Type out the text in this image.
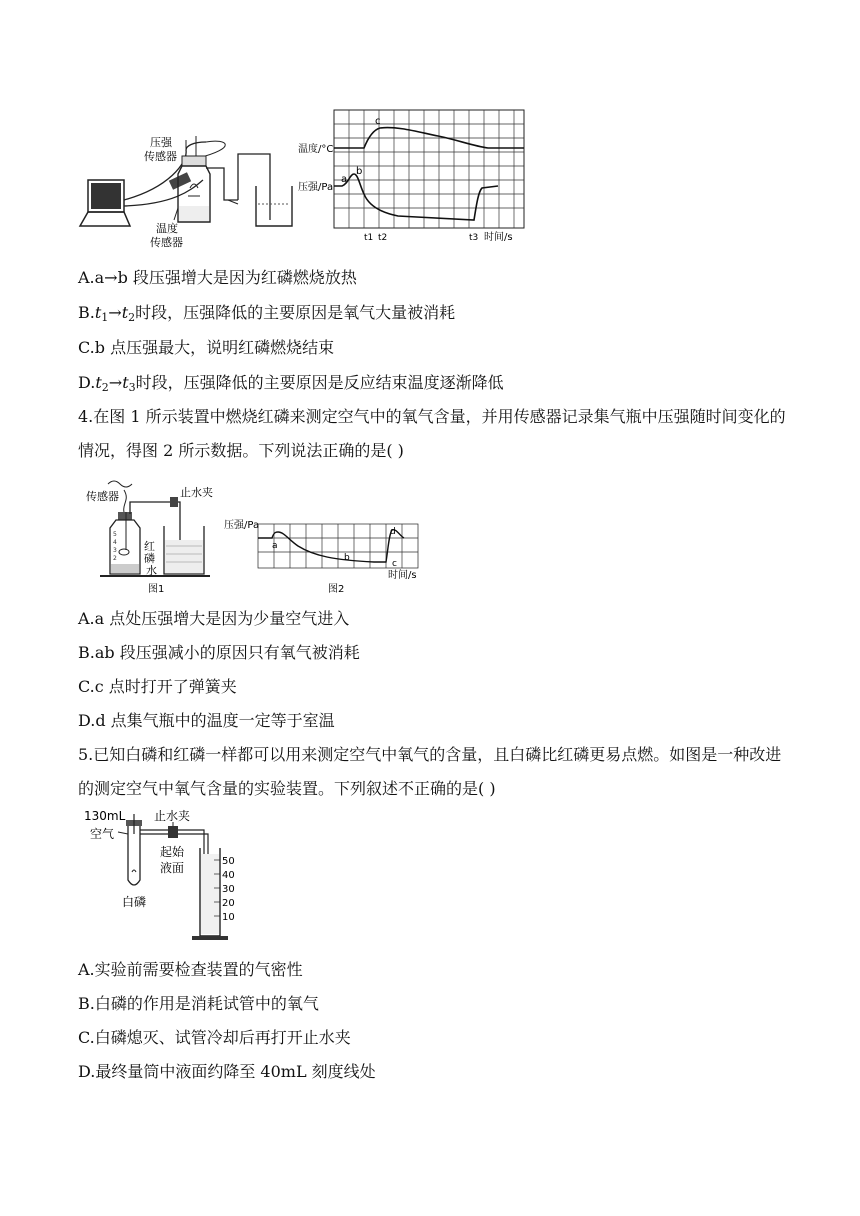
压强
传感器
温度
传感器
温度/°C
压强/Pa
a
b
c
t1 t2	t3 时间/s
A.a→b 段压强增大是因为红磷燃烧放热
$B.t_1\to t_2$时段，压强降低的主要原因是氧气大量被消耗
C.b 点压强最大，说明红磷燃烧结束
$D.t_2\to t_3$时段，压强降低的主要原因是反应结束温度逐渐降低
4.在图 1 所示装置中燃烧红磷来测定空气中的氧气含量，并用传感器记录集气瓶中压强随时间变化的情况，得图 2 所示数据。下列说法正确的是( )
传感器
5
4
3
2
红
磷
水
止水夹
图1
压强/Pa
a
b
c
d
时间/s
图2
A.a 点处压强增大是因为少量空气进入
B.ab 段压强减小的原因只有氧气被消耗
C.c 点时打开了弹簧夹
D.d 点集气瓶中的温度一定等于室温
5.已知白磷和红磷一样都可以用来测定空气中氧气的含量，且白磷比红磷更易点燃。如图是一种改进的测定空气中氧气含量的实验装置。下列叙述不正确的是( )
130mL
空气
止水夹
白磷
起始
液面	50
40
30
20
10
A.实验前需要检查装置的气密性
B.白磷的作用是消耗试管中的氧气
C.白磷熄灭、试管冷却后再打开止水夹
D.最终量筒中液面约降至 40mL 刻度线处
